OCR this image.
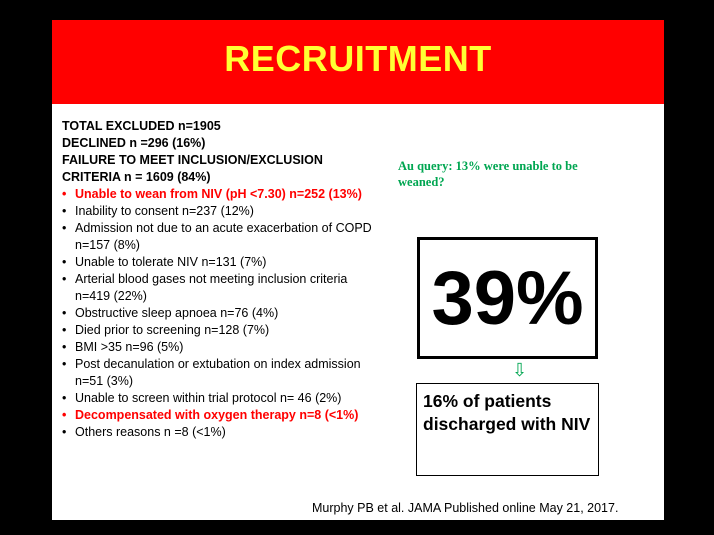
RECRUITMENT

TOTAL EXCLUDED n=1905

DECLINED n =296 (16%)

FAILURE TO MEET INCLUSION/EXCLUSION CRITERIA n = 1609 (84%)

• Unable to wean from NIV (pH <7.30) n=252 (13%)
• Inability to consent n=237 (12%)
• Admission not due to an acute exacerbation of COPD n=157 (8%)
• Unable to tolerate NIV n=131 (7%)
• Arterial blood gases not meeting inclusion criteria n=419 (22%)
• Obstructive sleep apnoea n=76 (4%)
• Died prior to screening n=128 (7%)
• BMI >35 n=96 (5%)
• Post decanulation or extubation on index admission n=51 (3%)
• Unable to screen within trial protocol n= 46 (2%)
• Decompensated with oxygen therapy n=8 (<1%)
• Others reasons n =8 (<1%)
Au query: 13% were unable to be weaned?
39%
⇩
16% of patients discharged with NIV
Murphy PB et al. JAMA Published online May 21, 2017.
